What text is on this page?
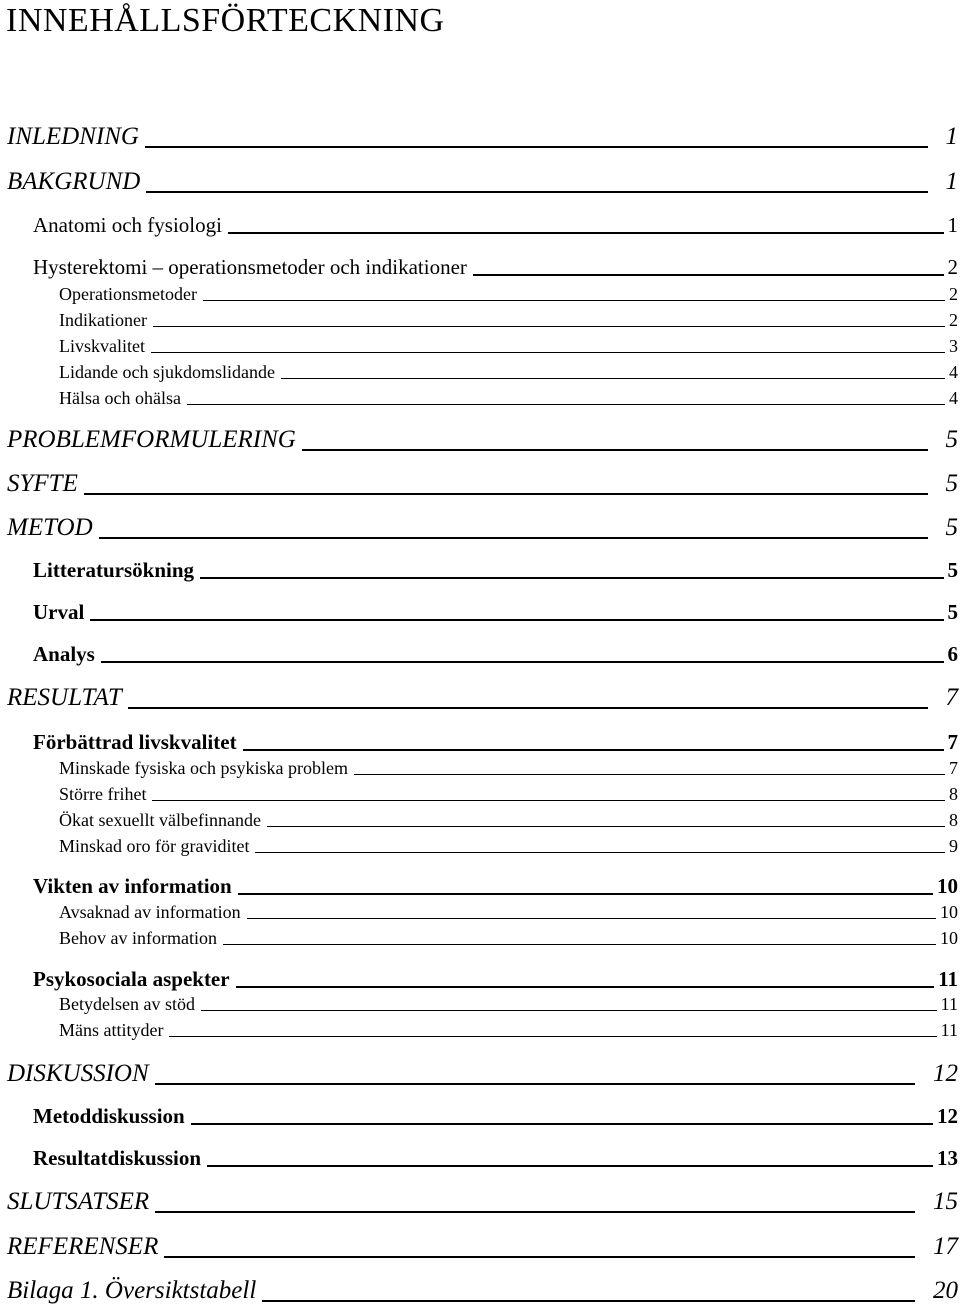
INNEHÅLLSFÖRTECKNING
INLEDNING	1
BAKGRUND	1
Anatomi och fysiologi	1
Hysterektomi – operationsmetoder och indikationer	2
Operationsmetoder	2
Indikationer	2
Livskvalitet	3
Lidande och sjukdomslidande	4
Hälsa och ohälsa	4
PROBLEMFORMULERING	5
SYFTE	5
METOD	5
Litteratursökning	5
Urval	5
Analys	6
RESULTAT	7
Förbättrad livskvalitet	7
Minskade fysiska och psykiska problem	7
Större frihet	8
Ökat sexuellt välbefinnande	8
Minskad oro för graviditet	9
Vikten av information	10
Avsaknad av information	10
Behov av information	10
Psykosociala aspekter	11
Betydelsen av stöd	11
Mäns attityder	11
DISKUSSION	12
Metoddiskussion	12
Resultatdiskussion	13
SLUTSATSER	15
REFERENSER	17
Bilaga 1. Översiktstabell	20
